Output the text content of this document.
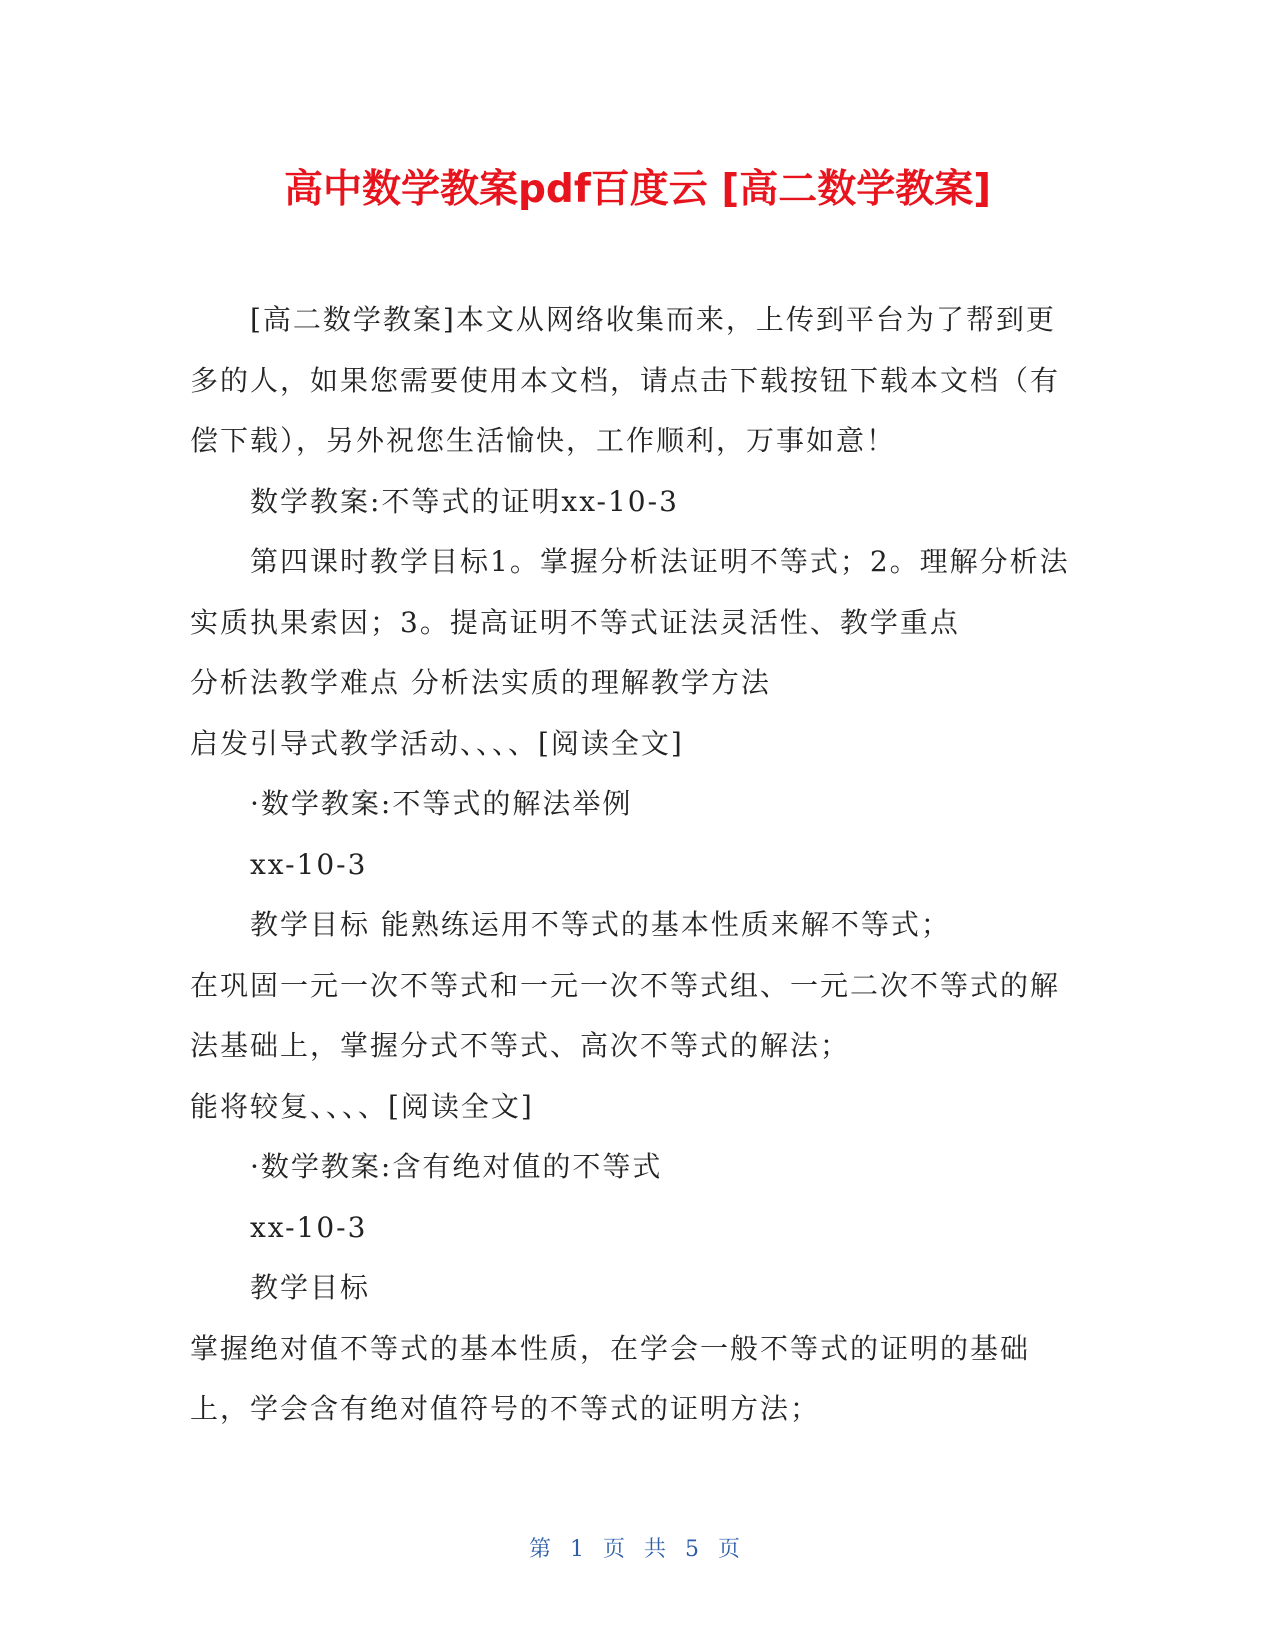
高中数学教案pdf百度云 [高二数学教案]

[高二数学教案]本文从网络收集而来，上传到平台为了帮到更多的人，如果您需要使用本文档，请点击下载按钮下载本文档（有偿下载），另外祝您生活愉快，工作顺利，万事如意！

数学教案:不等式的证明xx-10-3

第四课时教学目标1。掌握分析法证明不等式；2。理解分析法实质执果索因；3。提高证明不等式证法灵活性、教学重点

分析法教学难点 分析法实质的理解教学方法

启发引导式教学活动、、、、[阅读全文]

·数学教案:不等式的解法举例

xx-10-3

教学目标 能熟练运用不等式的基本性质来解不等式；

在巩固一元一次不等式和一元一次不等式组、一元二次不等式的解法基础上，掌握分式不等式、高次不等式的解法；

能将较复、、、、[阅读全文]

·数学教案:含有绝对值的不等式

xx-10-3

教学目标

掌握绝对值不等式的基本性质，在学会一般不等式的证明的基础上，学会含有绝对值符号的不等式的证明方法；

第 1 页 共 5 页
